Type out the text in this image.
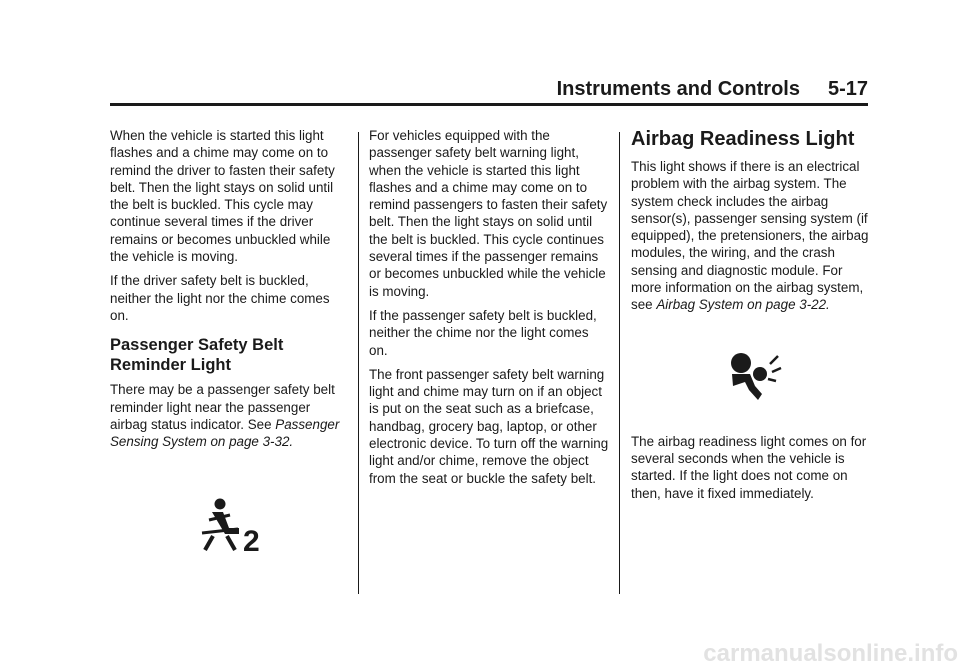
Instruments and Controls 5-17

When the vehicle is started this light flashes and a chime may come on to remind the driver to fasten their safety belt. Then the light stays on solid until the belt is buckled. This cycle may continue several times if the driver remains or becomes unbuckled while the vehicle is moving.

If the driver safety belt is buckled, neither the light nor the chime comes on.

Passenger Safety Belt
Reminder Light

There may be a passenger safety belt reminder light near the passenger airbag status indicator. See Passenger Sensing System on page 3-32.

2

For vehicles equipped with the passenger safety belt warning light, when the vehicle is started this light flashes and a chime may come on to remind passengers to fasten their safety belt. Then the light stays on solid until the belt is buckled. This cycle continues several times if the passenger remains or becomes unbuckled while the vehicle is moving.

If the passenger safety belt is buckled, neither the chime nor the light comes on.

The front passenger safety belt warning light and chime may turn on if an object is put on the seat such as a briefcase, handbag, grocery bag, laptop, or other electronic device. To turn off the warning light and/or chime, remove the object from the seat or buckle the safety belt.

Airbag Readiness Light

This light shows if there is an electrical problem with the airbag system. The system check includes the airbag sensor(s), passenger sensing system (if equipped), the pretensioners, the airbag modules, the wiring, and the crash sensing and diagnostic module. For more information on the airbag system, see Airbag System on page 3-22.

The airbag readiness light comes on for several seconds when the vehicle is started. If the light does not come on then, have it fixed immediately.

carmanualsonline.info
